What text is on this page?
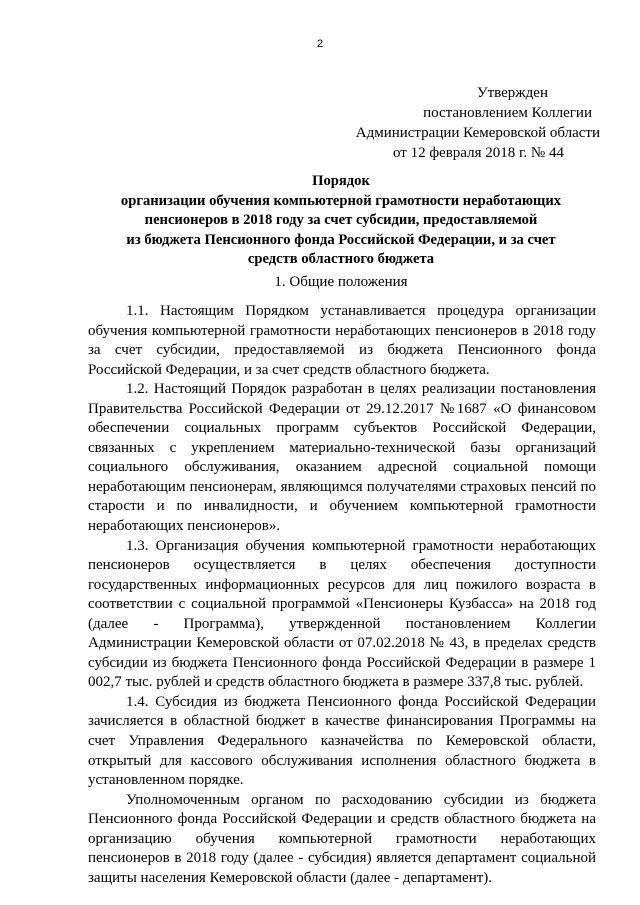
2
Утвержден
постановлением Коллегии
Администрации Кемеровской области
от 12 февраля 2018 г. № 44
Порядок
организации обучения компьютерной грамотности неработающих
пенсионеров в 2018 году за счет субсидии, предоставляемой
из бюджета Пенсионного фонда Российской Федерации, и за счет
средств областного бюджета
1. Общие положения

1.1. Настоящим Порядком устанавливается процедура организации обучения компьютерной грамотности неработающих пенсионеров в 2018 году за счет субсидии, предоставляемой из бюджета Пенсионного фонда Российской Федерации, и за счет средств областного бюджета.

1.2. Настоящий Порядок разработан в целях реализации постановления Правительства Российской Федерации от 29.12.2017 №1687 «О финансовом обеспечении социальных программ субъектов Российской Федерации, связанных с укреплением материально-технической базы организаций социального обслуживания, оказанием адресной социальной помощи неработающим пенсионерам, являющимся получателями страховых пенсий по старости и по инвалидности, и обучением компьютерной грамотности неработающих пенсионеров».

1.3. Организация обучения компьютерной грамотности неработающих пенсионеров осуществляется в целях обеспечения доступности государственных информационных ресурсов для лиц пожилого возраста в соответствии с социальной программой «Пенсионеры Кузбасса» на 2018 год (далее - Программа), утвержденной постановлением Коллегии Администрации Кемеровской области от 07.02.2018 № 43, в пределах средств субсидии из бюджета Пенсионного фонда Российской Федерации в размере 1 002,7 тыс. рублей и средств областного бюджета в размере 337,8 тыс. рублей.

1.4. Субсидия из бюджета Пенсионного фонда Российской Федерации зачисляется в областной бюджет в качестве финансирования Программы на счет Управления Федерального казначейства по Кемеровской области, открытый для кассового обслуживания исполнения областного бюджета в установленном порядке.

Уполномоченным органом по расходованию субсидии из бюджета Пенсионного фонда Российской Федерации и средств областного бюджета на организацию обучения компьютерной грамотности неработающих пенсионеров в 2018 году (далее - субсидия) является департамент социальной защиты населения Кемеровской области (далее - департамент).
